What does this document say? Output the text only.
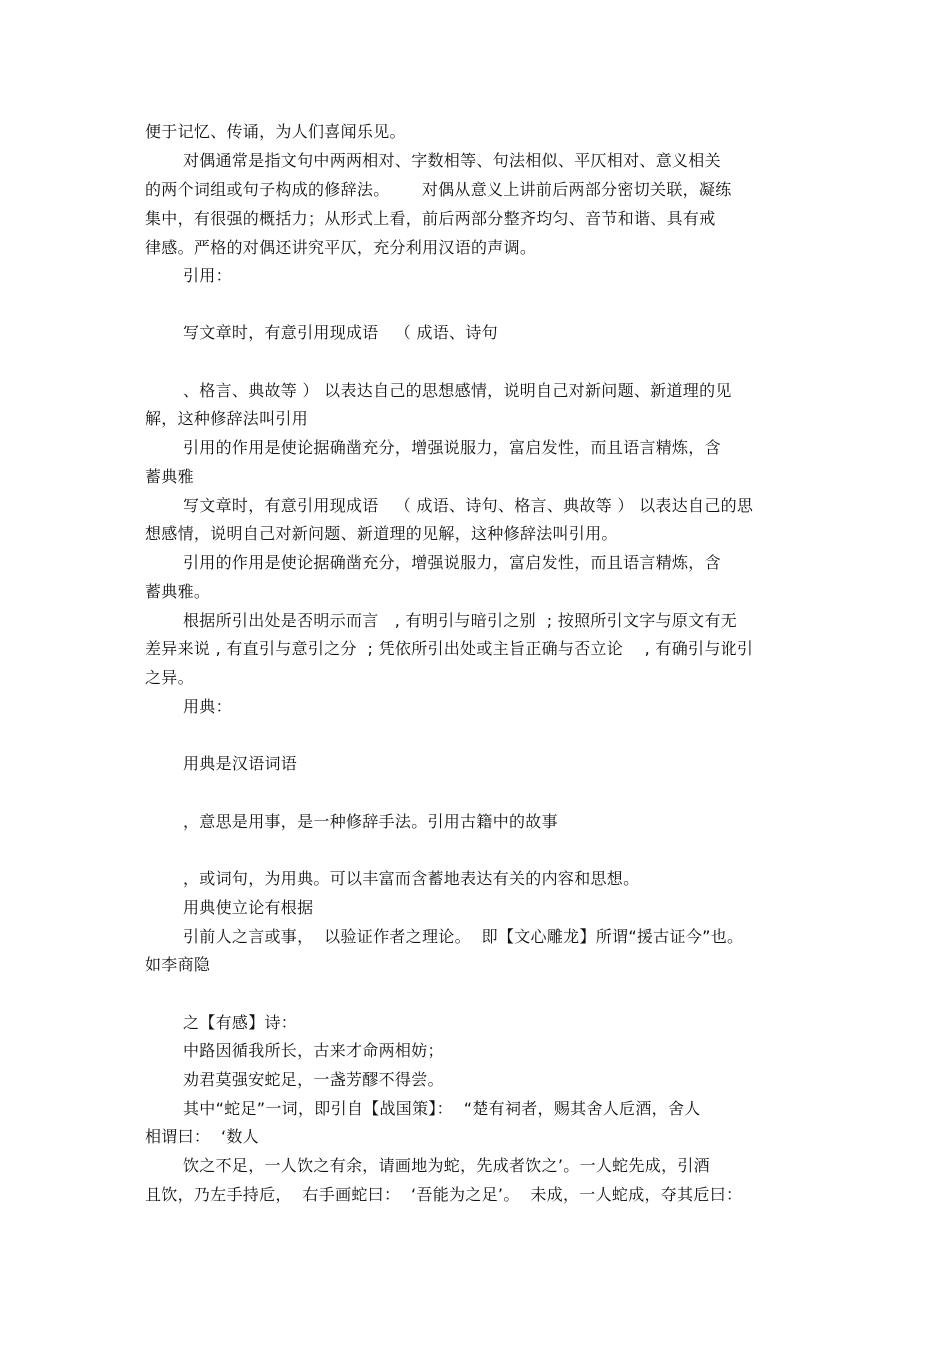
便于记忆、传诵，为人们喜闻乐见。
对偶通常是指文句中两两相对、字数相等、句法相似、平仄相对、意义相关
的两个词组或句子构成的修辞法。      对偶从意义上讲前后两部分密切关联，凝练
集中，有很强的概括力；从形式上看，前后两部分整齐均匀、音节和谐、具有戒
律感。严格的对偶还讲究平仄，充分利用汉语的声调。
引用：
写文章时，有意引用现成语   （ 成语、诗句
、格言、典故等 ） 以表达自己的思想感情，说明自己对新问题、新道理的见
解，这种修辞法叫引用
引用的作用是使论据确凿充分，增强说服力，富启发性，而且语言精炼，含
蓄典雅
写文章时，有意引用现成语   （ 成语、诗句、格言、典故等 ） 以表达自己的思
想感情，说明自己对新问题、新道理的见解，这种修辞法叫引用。
引用的作用是使论据确凿充分，增强说服力，富启发性，而且语言精炼，含
蓄典雅。
根据所引出处是否明示而言   , 有明引与暗引之别  ; 按照所引文字与原文有无
差异来说 , 有直引与意引之分  ; 凭依所引出处或主旨正确与否立论    , 有确引与讹引
之异。
用典：
用典是汉语词语
，意思是用事，是一种修辞手法。引用古籍中的故事
，或词句，为用典。可以丰富而含蓄地表达有关的内容和思想。
用典使立论有根据
引前人之言或事，  以验证作者之理论。  即【文心雕龙】所谓“援古证今”也。
如李商隐
之【有感】诗：
中路因循我所长，古来才命两相妨；
劝君莫强安蛇足，一盏芳醪不得尝。
其中“蛇足”一词，即引自【战国策】：  “楚有祠者，赐其舍人卮酒，舍人
相谓曰：  ‘数人
饮之不足，一人饮之有余，请画地为蛇，先成者饮之’。一人蛇先成，引酒
且饮，乃左手持卮，  右手画蛇曰：  ‘吾能为之足’。  未成，一人蛇成，夺其卮曰：
